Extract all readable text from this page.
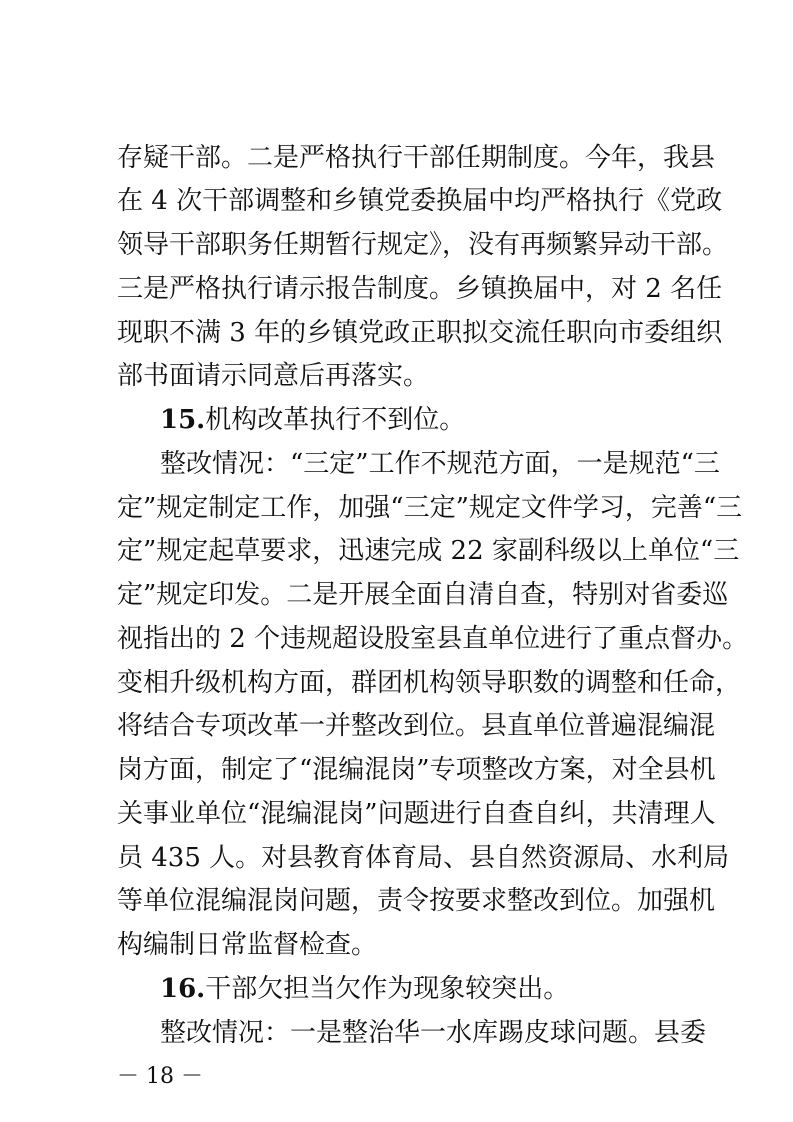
存疑干部。二是严格执行干部任期制度。今年，我县
在 4 次干部调整和乡镇党委换届中均严格执行《党政
领导干部职务任期暂行规定》，没有再频繁异动干部。
三是严格执行请示报告制度。乡镇换届中，对 2 名任
现职不满 3 年的乡镇党政正职拟交流任职向市委组织
部书面请示同意后再落实。
15.机构改革执行不到位。
整改情况：“三定”工作不规范方面，一是规范“三
定”规定制定工作，加强“三定”规定文件学习，完善“三
定”规定起草要求，迅速完成 22 家副科级以上单位“三
定”规定印发。二是开展全面自清自查，特别对省委巡
视指出的 2 个违规超设股室县直单位进行了重点督办。
变相升级机构方面，群团机构领导职数的调整和任命，
将结合专项改革一并整改到位。县直单位普遍混编混
岗方面，制定了“混编混岗”专项整改方案，对全县机
关事业单位“混编混岗”问题进行自查自纠，共清理人
员 435 人。对县教育体育局、县自然资源局、水利局
等单位混编混岗问题，责令按要求整改到位。加强机
构编制日常监督检查。
16.干部欠担当欠作为现象较突出。
整改情况：一是整治华一水库踢皮球问题。县委
－ 18 －
